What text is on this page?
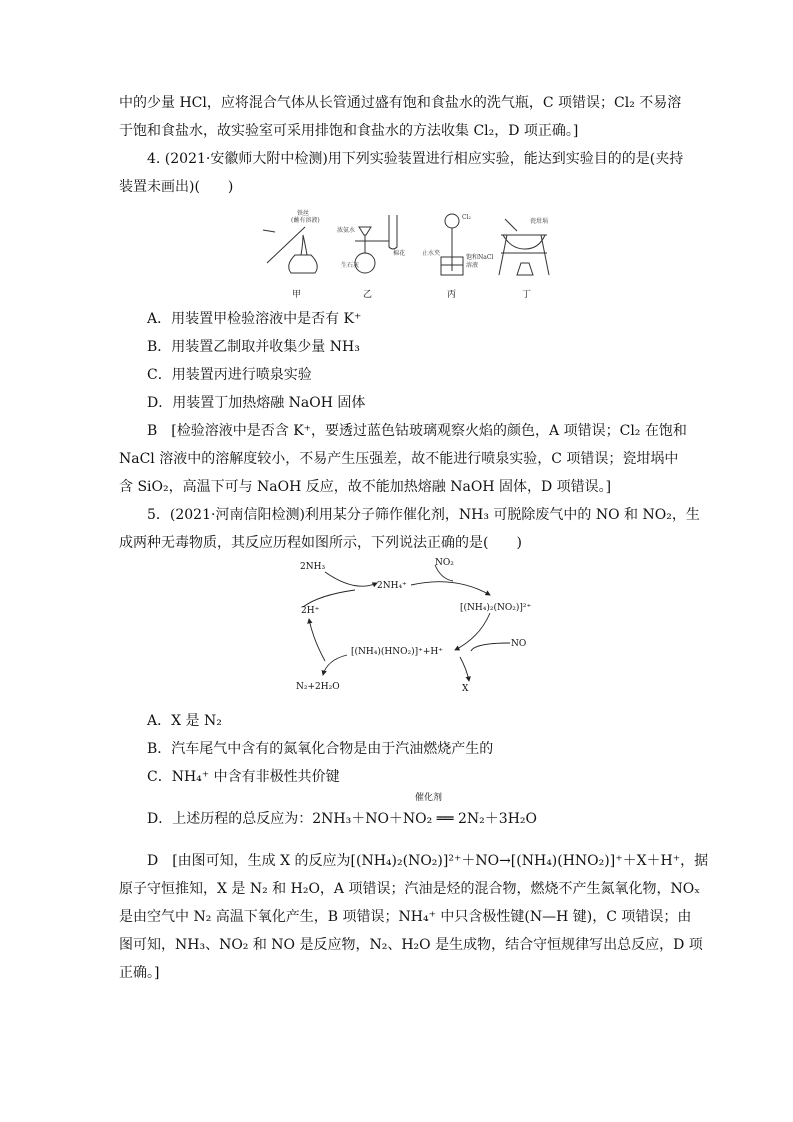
中的少量 HCl，应将混合气体从长管通过盛有饱和食盐水的洗气瓶，C 项错误；Cl₂ 不易溶
于饱和食盐水，故实验室可采用排饱和食盐水的方法收集 Cl₂，D 项正确。]
4. (2021·安徽师大附中检测)用下列实验装置进行相应实验，能达到实验目的的是(夹持
装置未画出)(　　)
铁丝
(蘸有溶液)
浓氨水
生石灰
棉花
Cl₂
止水夹
饱和NaCl
溶液
瓷坩埚
甲	乙	丙	丁
A．用装置甲检验溶液中是否有 K⁺
B．用装置乙制取并收集少量 NH₃
C．用装置丙进行喷泉实验
D．用装置丁加热熔融 NaOH 固体
B　[检验溶液中是否含 K⁺，要透过蓝色钴玻璃观察火焰的颜色，A 项错误；Cl₂ 在饱和
NaCl 溶液中的溶解度较小，不易产生压强差，故不能进行喷泉实验，C 项错误；瓷坩埚中
含 SiO₂，高温下可与 NaOH 反应，故不能加热熔融 NaOH 固体，D 项错误。]
5．(2021·河南信阳检测)利用某分子筛作催化剂，NH₃ 可脱除废气中的 NO 和 NO₂，生
成两种无毒物质，其反应历程如图所示，下列说法正确的是(　　)
2NH₃
2NH₄⁺
NO₂
[(NH₄)₂(NO₂)]²⁺
2H⁺
NO
[(NH₄)(HNO₂)]⁺+H⁺
N₂+2H₂O	X
A．X 是 N₂
B．汽车尾气中含有的氮氧化合物是由于汽油燃烧产生的
C．NH₄⁺ 中含有非极性共价键
催化剂
D．上述历程的总反应为：2NH₃＋NO＋NO₂ ══ 2N₂＋3H₂O
D　[由图可知，生成 X 的反应为[(NH₄)₂(NO₂)]²⁺＋NO→[(NH₄)(HNO₂)]⁺＋X＋H⁺，据
原子守恒推知，X 是 N₂ 和 H₂O，A 项错误；汽油是烃的混合物，燃烧不产生氮氧化物，NOₓ
是由空气中 N₂ 高温下氧化产生，B 项错误；NH₄⁺ 中只含极性键(N—H 键)，C 项错误；由
图可知，NH₃、NO₂ 和 NO 是反应物，N₂、H₂O 是生成物，结合守恒规律写出总反应，D 项
正确。]
